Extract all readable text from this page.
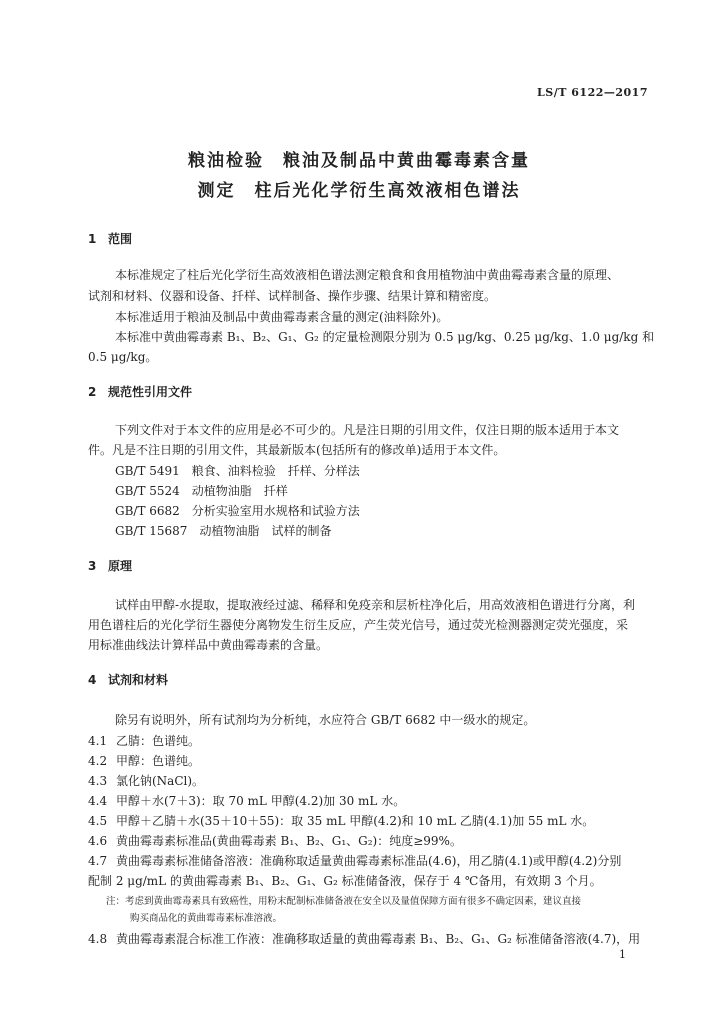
LS/T 6122—2017
粮油检验　粮油及制品中黄曲霉毒素含量
测定　柱后光化学衍生高效液相色谱法
1 范围
本标准规定了柱后光化学衍生高效液相色谱法测定粮食和食用植物油中黄曲霉毒素含量的原理、
试剂和材料、仪器和设备、扦样、试样制备、操作步骤、结果计算和精密度。
本标准适用于粮油及制品中黄曲霉毒素含量的测定(油料除外)。
本标准中黄曲霉毒素 B₁、B₂、G₁、G₂ 的定量检测限分别为 0.5 μg/kg、0.25 μg/kg、1.0 μg/kg 和
0.5 μg/kg。
2 规范性引用文件
下列文件对于本文件的应用是必不可少的。凡是注日期的引用文件，仅注日期的版本适用于本文
件。凡是不注日期的引用文件，其最新版本(包括所有的修改单)适用于本文件。
GB/T 5491　粮食、油料检验　扦样、分样法
GB/T 5524　动植物油脂　扦样
GB/T 6682　分析实验室用水规格和试验方法
GB/T 15687　动植物油脂　试样的制备
3 原理
试样由甲醇-水提取，提取液经过滤、稀释和免疫亲和层析柱净化后，用高效液相色谱进行分离，利
用色谱柱后的光化学衍生器使分离物发生衍生反应，产生荧光信号，通过荧光检测器测定荧光强度，采
用标准曲线法计算样品中黄曲霉毒素的含量。
4 试剂和材料
除另有说明外，所有试剂均为分析纯，水应符合 GB/T 6682 中一级水的规定。
4.1 乙腈：色谱纯。
4.2 甲醇：色谱纯。
4.3 氯化钠(NaCl)。
4.4 甲醇＋水(7＋3)：取 70 mL 甲醇(4.2)加 30 mL 水。
4.5 甲醇＋乙腈＋水(35＋10＋55)：取 35 mL 甲醇(4.2)和 10 mL 乙腈(4.1)加 55 mL 水。
4.6 黄曲霉毒素标准品(黄曲霉毒素 B₁、B₂、G₁、G₂)：纯度≥99%。
4.7 黄曲霉毒素标准储备溶液：准确称取适量黄曲霉毒素标准品(4.6)，用乙腈(4.1)或甲醇(4.2)分别
配制 2 μg/mL 的黄曲霉毒素 B₁、B₂、G₁、G₂ 标准储备液，保存于 4 ℃备用，有效期 3 个月。
注：考虑到黄曲霉毒素具有致癌性，用粉末配制标准储备液在安全以及量值保障方面有很多不确定因素，建议直接
购买商品化的黄曲霉毒素标准溶液。
4.8 黄曲霉毒素混合标准工作液：准确移取适量的黄曲霉毒素 B₁、B₂、G₁、G₂ 标准储备溶液(4.7)，用
1
